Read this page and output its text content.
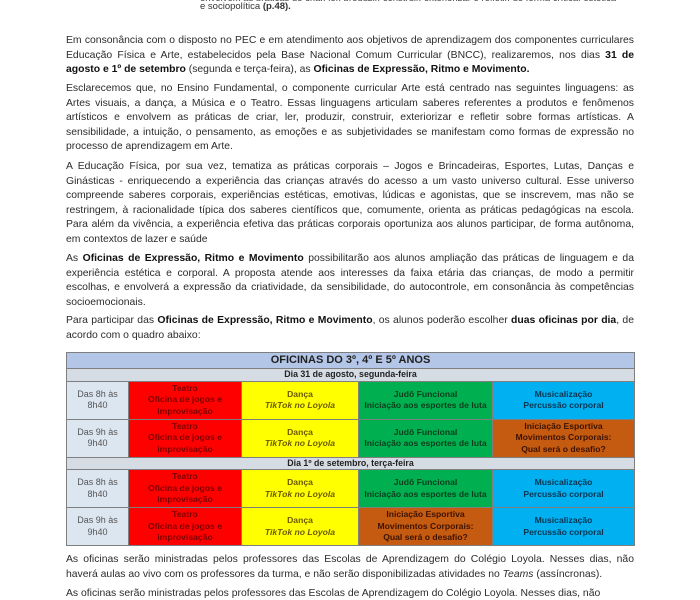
e sociopolítica (p.48).

Em consonância com o disposto no PEC e em atendimento aos objetivos de aprendizagem dos componentes curriculares Educação Física e Arte, estabelecidos pela Base Nacional Comum Curricular (BNCC), realizaremos, nos dias 31 de agosto e 1º de setembro (segunda e terça-feira), as Oficinas de Expressão, Ritmo e Movimento.

Esclarecemos que, no Ensino Fundamental, o componente curricular Arte está centrado nas seguintes linguagens: as Artes visuais, a dança, a Música e o Teatro. Essas linguagens articulam saberes referentes a produtos e fenômenos artísticos e envolvem as práticas de criar, ler, produzir, construir, exteriorizar e refletir sobre formas artísticas. A sensibilidade, a intuição, o pensamento, as emoções e as subjetividades se manifestam como formas de expressão no processo de aprendizagem em Arte.

A Educação Física, por sua vez, tematiza as práticas corporais – Jogos e Brincadeiras, Esportes, Lutas, Danças e Ginásticas - enriquecendo a experiência das crianças através do acesso a um vasto universo cultural. Esse universo compreende saberes corporais, experiências estéticas, emotivas, lúdicas e agonistas, que se inscrevem, mas não se restringem, à racionalidade típica dos saberes científicos que, comumente, orienta as práticas pedagógicas na escola. Para além da vivência, a experiência efetiva das práticas corporais oportuniza aos alunos participar, de forma autônoma, em contextos de lazer e saúde

As Oficinas de Expressão, Ritmo e Movimento possibilitarão aos alunos ampliação das práticas de linguagem e da experiência estética e corporal. A proposta atende aos interesses da faixa etária das crianças, de modo a permitir escolhas, e envolverá a expressão da criatividade, da sensibilidade, do autocontrole, em consonância às competências socioemocionais.

Para participar das Oficinas de Expressão, Ritmo e Movimento, os alunos poderão escolher duas oficinas por dia, de acordo com o quadro abaixo:

OFICINAS DO 3º, 4º E 5º ANOS				
Dia 31 de agosto, segunda-feira				
Das 8h às
8h40	Teatro
Oficina de jogos e
improvisação	Dança
TikTok no Loyola	Judô Funcional
Iniciação aos esportes de luta	Musicalização
Percussão corporal
Das 9h às
9h40	Teatro
Oficina de jogos e
improvisação	Dança
TikTok no Loyola	Judô Funcional
Iniciação aos esportes de luta	Iniciação Esportiva
Movimentos Corporais:
Qual será o desafio?
Dia 1º de setembro, terça-feira				
Das 8h às
8h40	Teatro
Oficina de jogos e
improvisação	Dança
TikTok no Loyola	Judô Funcional
Iniciação aos esportes de luta	Musicalização
Percussão corporal
Das 9h às
9h40	Teatro
Oficina de jogos e
improvisação	Dança
TikTok no Loyola	Iniciação Esportiva
Movimentos Corporais:
Qual será o desafio?	Musicalização
Percussão corporal

As oficinas serão ministradas pelos professores das Escolas de Aprendizagem do Colégio Loyola. Nesses dias, não haverá aulas ao vivo com os professores da turma, e não serão disponibilizadas atividades no Teams (assíncronas).

As oficinas serão ministradas pelos professores das Escolas de Aprendizagem do Colégio Loyola. Nesses dias, não
